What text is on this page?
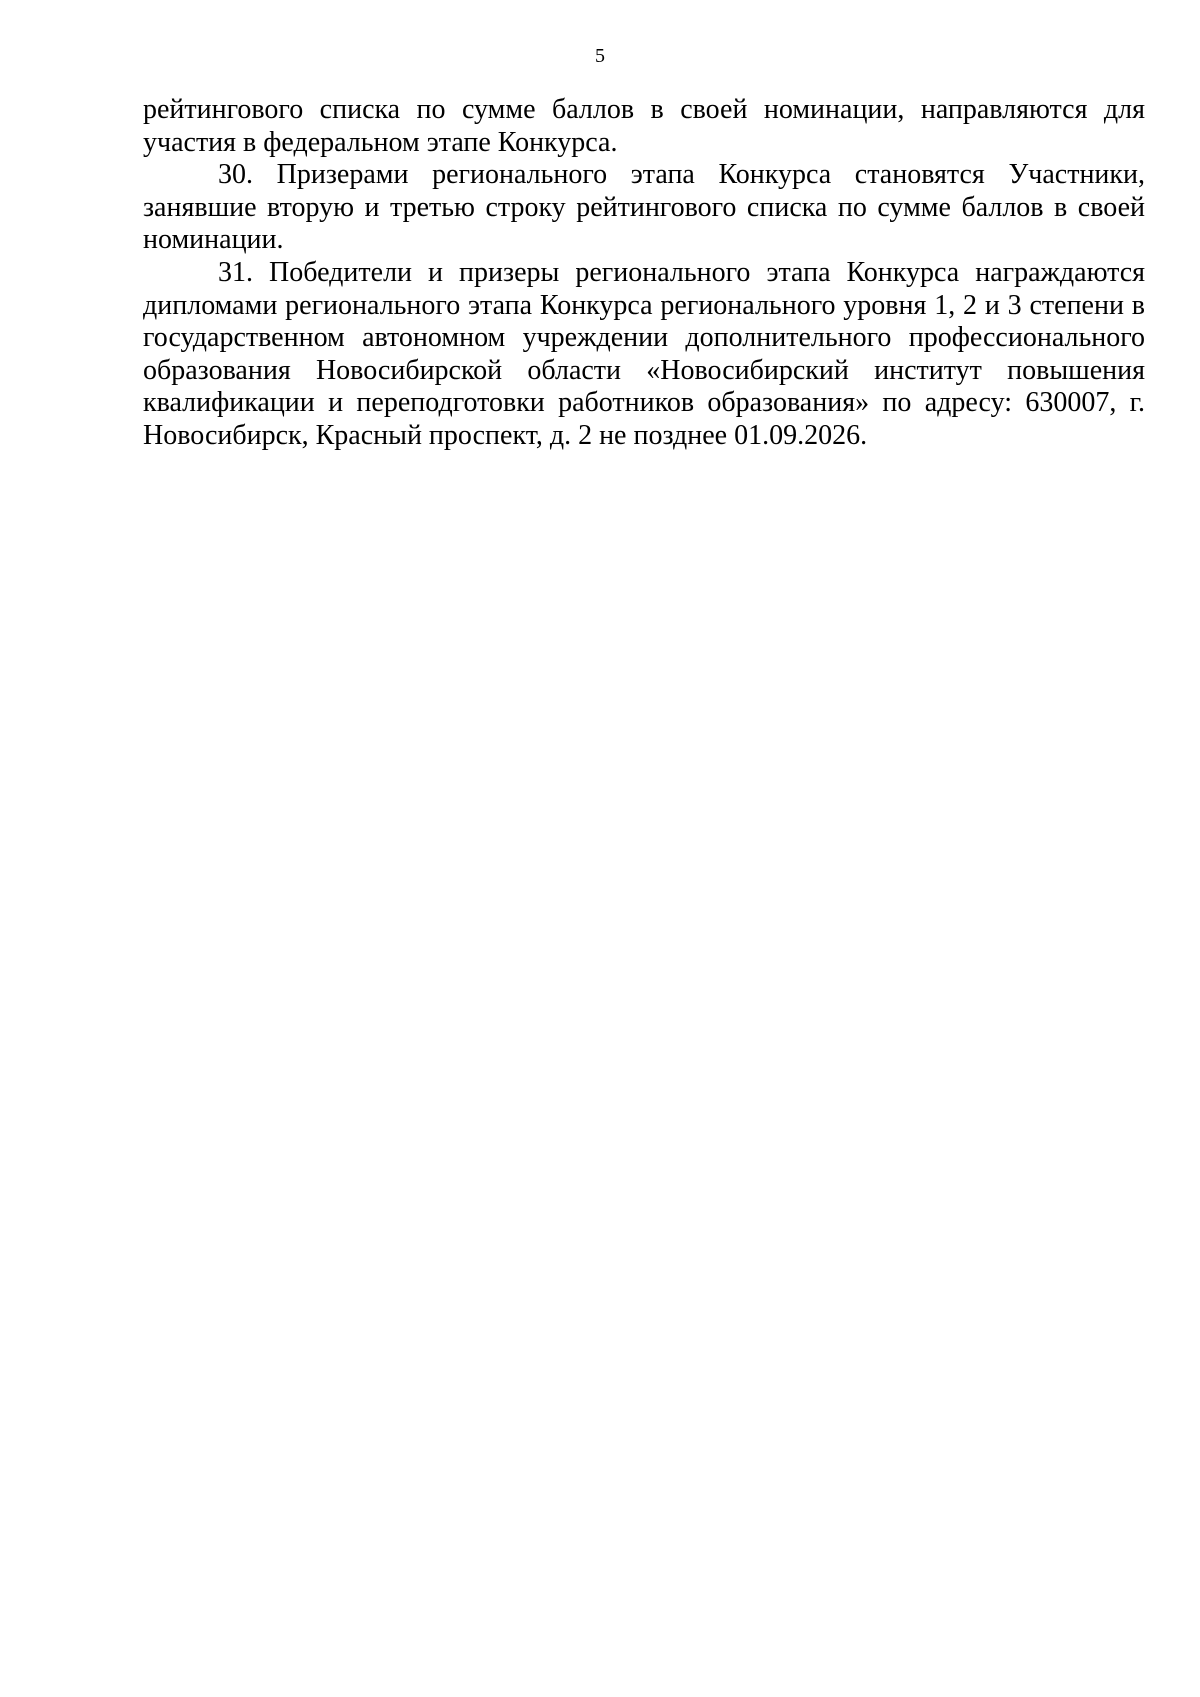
5

рейтингового списка по сумме баллов в своей номинации, направляются для участия в федеральном этапе Конкурса.

30. Призерами регионального этапа Конкурса становятся Участники, занявшие вторую и третью строку рейтингового списка по сумме баллов в своей номинации.

31. Победители и призеры регионального этапа Конкурса награждаются дипломами регионального этапа Конкурса регионального уровня 1, 2 и 3 степени в государственном автономном учреждении дополнительного профессионального образования Новосибирской области «Новосибирский институт повышения квалификации и переподготовки работников образования» по адресу: 630007, г. Новосибирск, Красный проспект, д. 2 не позднее 01.09.2026.
